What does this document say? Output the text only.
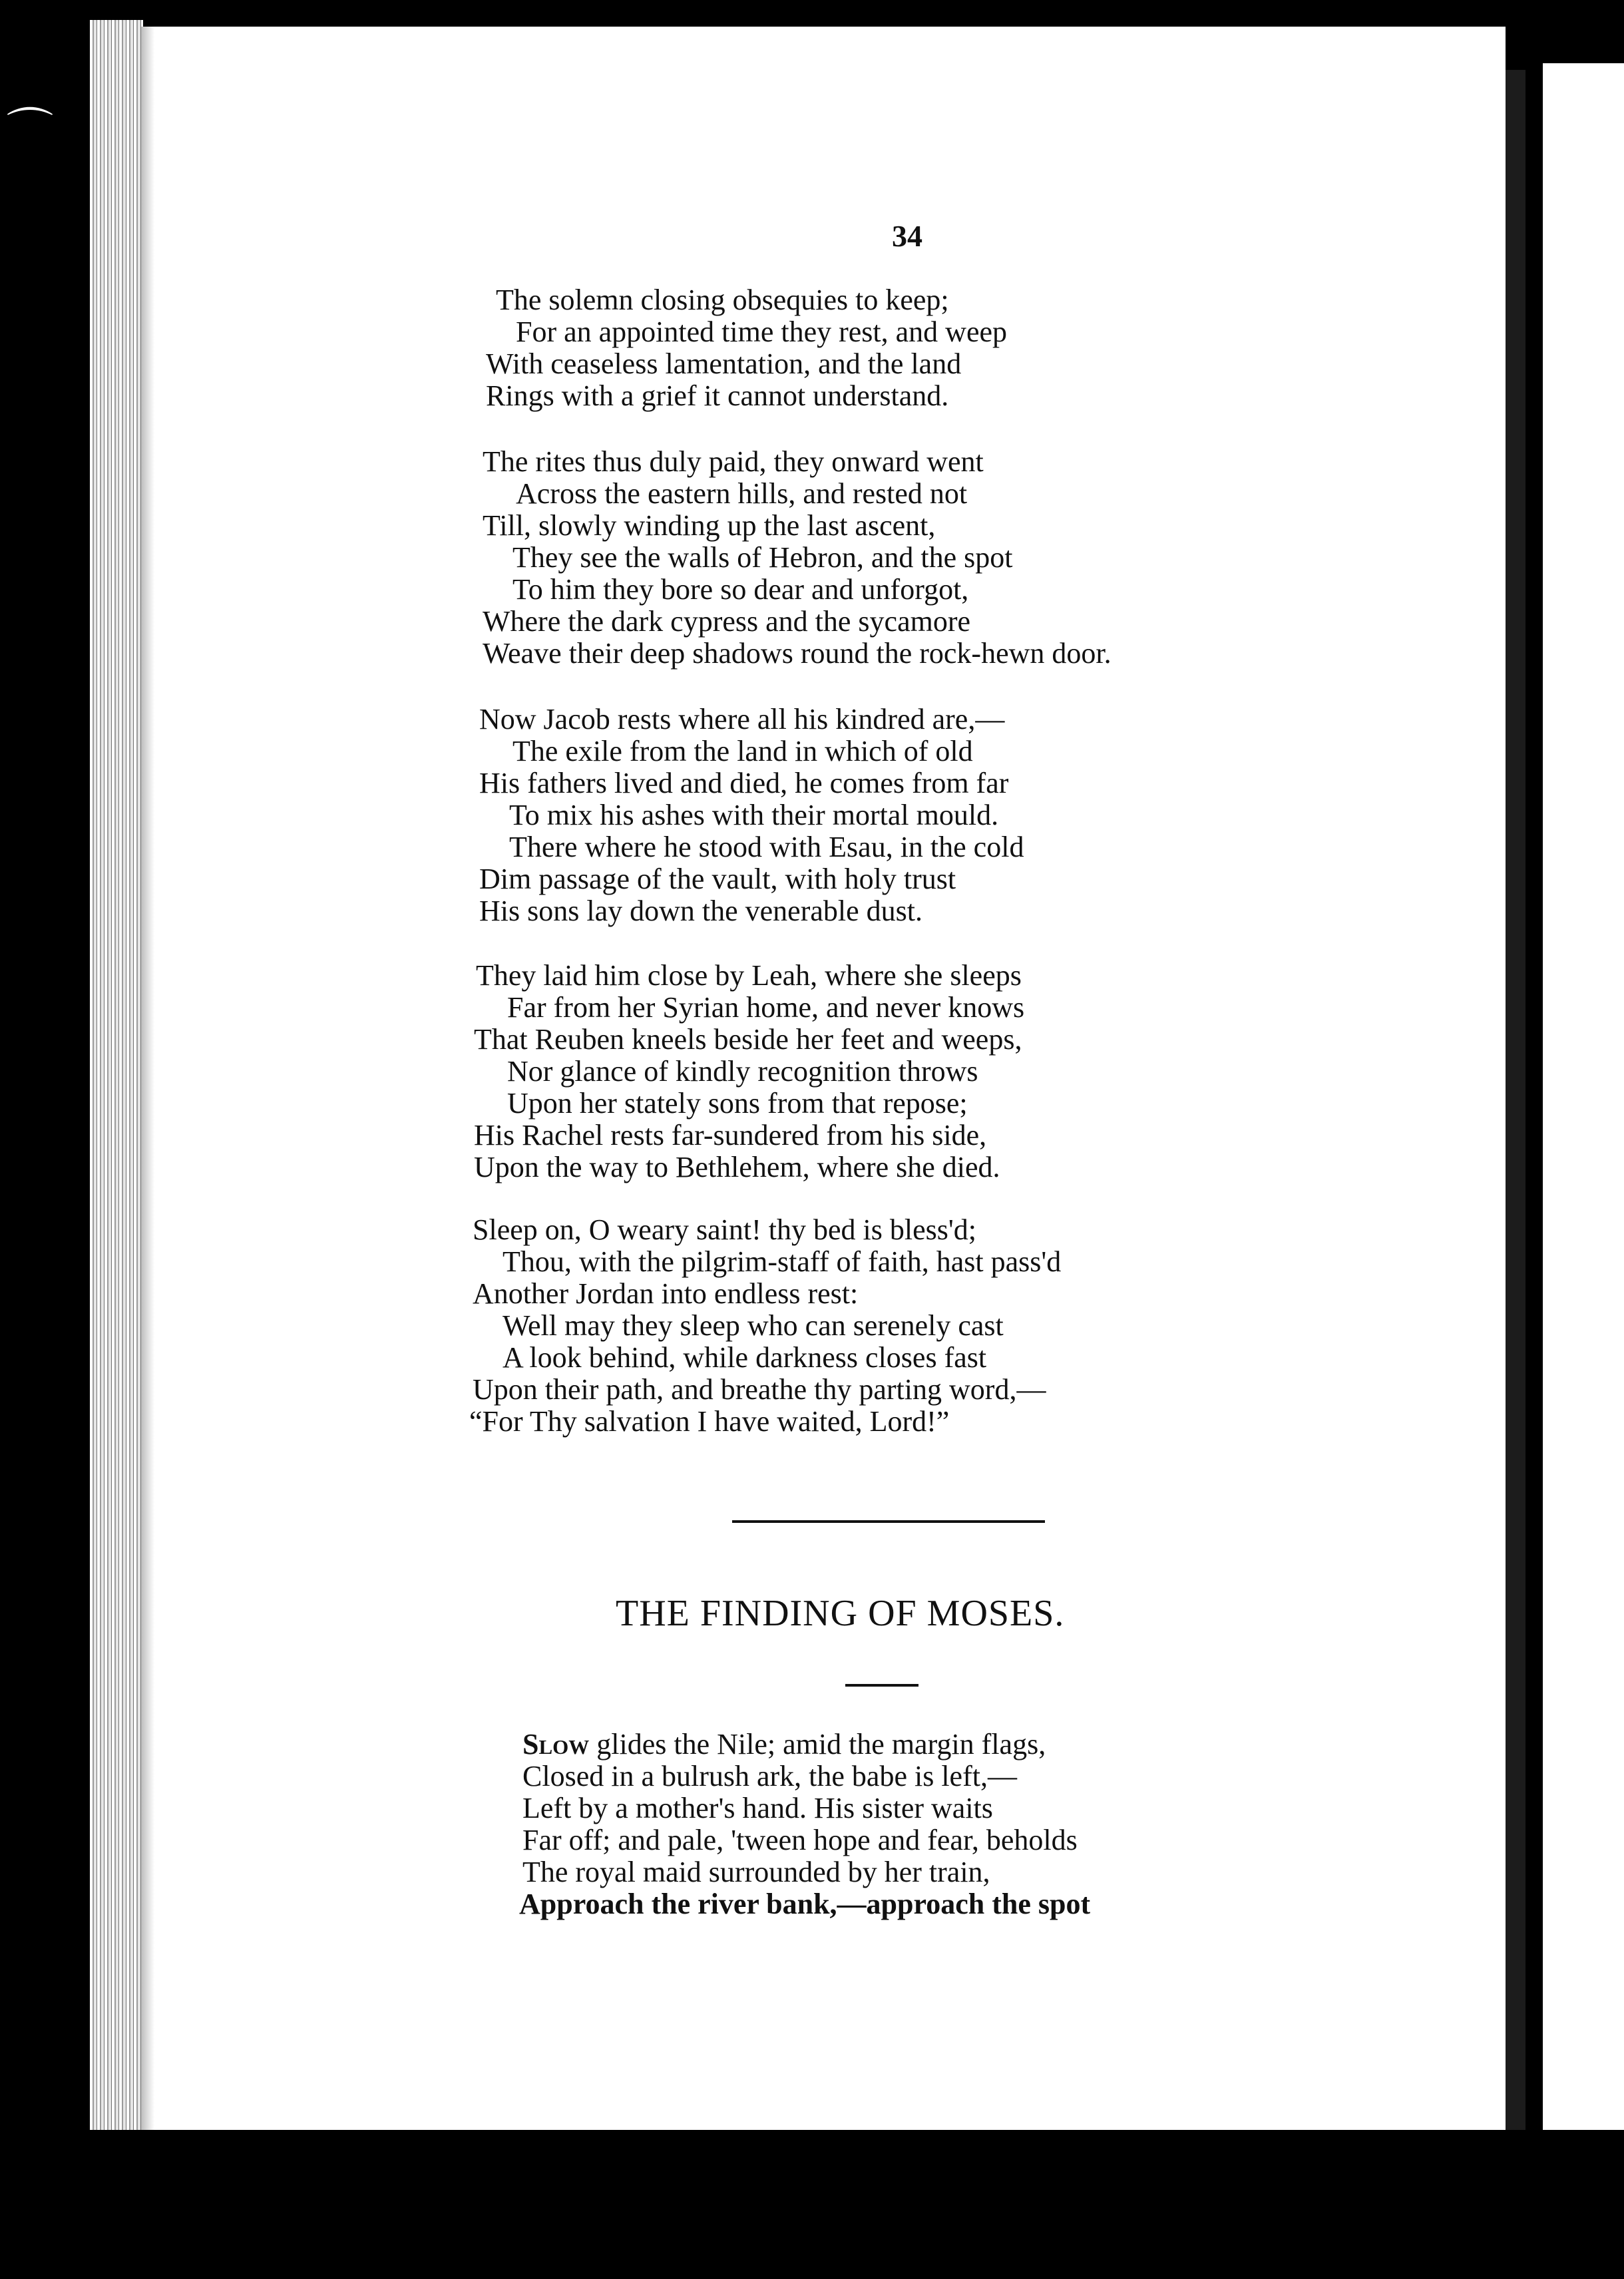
⌒
34
The solemn closing obsequies to keep;
For an appointed time they rest, and weep
With ceaseless lamentation, and the land
Rings with a grief it cannot understand.
The rites thus duly paid, they onward went
Across the eastern hills, and rested not
Till, slowly winding up the last ascent,
They see the walls of Hebron, and the spot
To him they bore so dear and unforgot,
Where the dark cypress and the sycamore
Weave their deep shadows round the rock-hewn door.
Now Jacob rests where all his kindred are,—
The exile from the land in which of old
His fathers lived and died, he comes from far
To mix his ashes with their mortal mould.
There where he stood with Esau, in the cold
Dim passage of the vault, with holy trust
His sons lay down the venerable dust.
They laid him close by Leah, where she sleeps
Far from her Syrian home, and never knows
That Reuben kneels beside her feet and weeps,
Nor glance of kindly recognition throws
Upon her stately sons from that repose;
His Rachel rests far-sundered from his side,
Upon the way to Bethlehem, where she died.
Sleep on, O weary saint! thy bed is bless'd;
Thou, with the pilgrim-staff of faith, hast pass'd
Another Jordan into endless rest:
Well may they sleep who can serenely cast
A look behind, while darkness closes fast
Upon their path, and breathe thy parting word,—
“For Thy salvation I have waited, Lord!”
THE FINDING OF MOSES.
Slow glides the Nile; amid the margin flags,
Closed in a bulrush ark, the babe is left,—
Left by a mother's hand. His sister waits
Far off; and pale, 'tween hope and fear, beholds
The royal maid surrounded by her train,
Approach the river bank,—approach the spot
